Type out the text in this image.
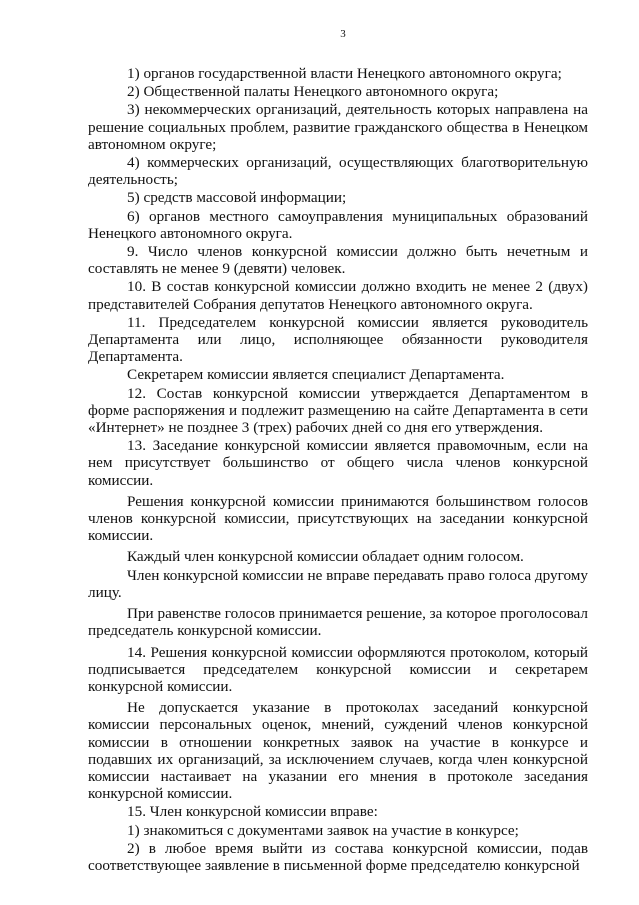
3

1) органов государственной власти Ненецкого автономного округа;

2) Общественной палаты Ненецкого автономного округа;

3) некоммерческих организаций, деятельность которых направлена на решение социальных проблем, развитие гражданского общества в Ненецком автономном округе;

4) коммерческих организаций, осуществляющих благотворительную деятельность;

5) средств массовой информации;

6) органов местного самоуправления муниципальных образований Ненецкого автономного округа.

9. Число членов конкурсной комиссии должно быть нечетным и составлять не менее 9 (девяти) человек.

10. В состав конкурсной комиссии должно входить не менее 2 (двух) представителей Собрания депутатов Ненецкого автономного округа.

11. Председателем конкурсной комиссии является руководитель Департамента или лицо, исполняющее обязанности руководителя Департамента.

Секретарем комиссии является специалист Департамента.

12. Состав конкурсной комиссии утверждается Департаментом в форме распоряжения и подлежит размещению на сайте Департамента в сети «Интернет» не позднее 3 (трех) рабочих дней со дня его утверждения.

13. Заседание конкурсной комиссии является правомочным, если на нем присутствует большинство от общего числа членов конкурсной комиссии.

Решения конкурсной комиссии принимаются большинством голосов членов конкурсной комиссии, присутствующих на заседании конкурсной комиссии.

Каждый член конкурсной комиссии обладает одним голосом.

Член конкурсной комиссии не вправе передавать право голоса другому лицу.

При равенстве голосов принимается решение, за которое проголосовал председатель конкурсной комиссии.

14. Решения конкурсной комиссии оформляются протоколом, который подписывается председателем конкурсной комиссии и секретарем конкурсной комиссии.

Не допускается указание в протоколах заседаний конкурсной комиссии персональных оценок, мнений, суждений членов конкурсной комиссии в отношении конкретных заявок на участие в конкурсе и подавших их организаций, за исключением случаев, когда член конкурсной комиссии настаивает на указании его мнения в протоколе заседания конкурсной комиссии.

15. Член конкурсной комиссии вправе:

1) знакомиться с документами заявок на участие в конкурсе;

2) в любое время выйти из состава конкурсной комиссии, подав соответствующее заявление в письменной форме председателю конкурсной
